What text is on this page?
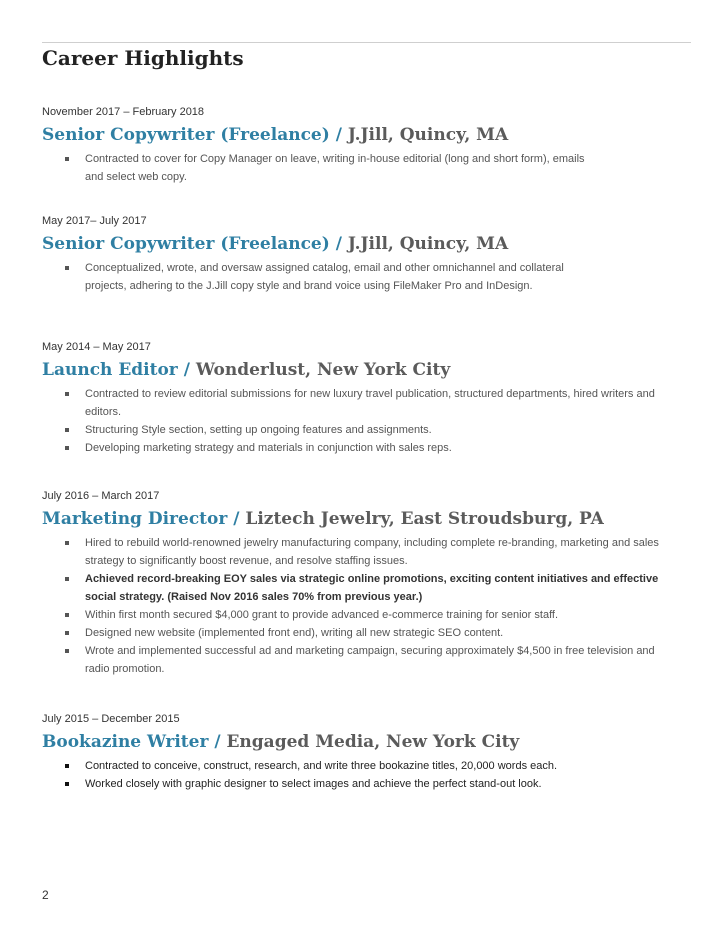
Career Highlights
November 2017 – February 2018
Senior Copywriter (Freelance) / J.Jill, Quincy, MA
Contracted to cover for Copy Manager on leave, writing in-house editorial (long and short form), emails and select web copy.
May 2017– July 2017
Senior Copywriter (Freelance) / J.Jill, Quincy, MA
Conceptualized, wrote, and oversaw assigned catalog, email and other omnichannel and collateral projects, adhering to the J.Jill copy style and brand voice using FileMaker Pro and InDesign.
May 2014 – May 2017
Launch Editor / Wonderlust, New York City
Contracted to review editorial submissions for new luxury travel publication, structured departments, hired writers and editors.
Structuring Style section, setting up ongoing features and assignments.
Developing marketing strategy and materials in conjunction with sales reps.
July 2016 – March 2017
Marketing Director / Liztech Jewelry, East Stroudsburg, PA
Hired to rebuild world-renowned jewelry manufacturing company, including complete re-branding, marketing and sales strategy to significantly boost revenue, and resolve staffing issues.
Achieved record-breaking EOY sales via strategic online promotions, exciting content initiatives and effective social strategy. (Raised Nov 2016 sales 70% from previous year.)
Within first month secured $4,000 grant to provide advanced e-commerce training for senior staff.
Designed new website (implemented front end), writing all new strategic SEO content.
Wrote and implemented successful ad and marketing campaign, securing approximately $4,500 in free television and radio promotion.
July 2015 – December 2015
Bookazine Writer / Engaged Media, New York City
Contracted to conceive, construct, research, and write three bookazine titles, 20,000 words each.
Worked closely with graphic designer to select images and achieve the perfect stand-out look.
2
